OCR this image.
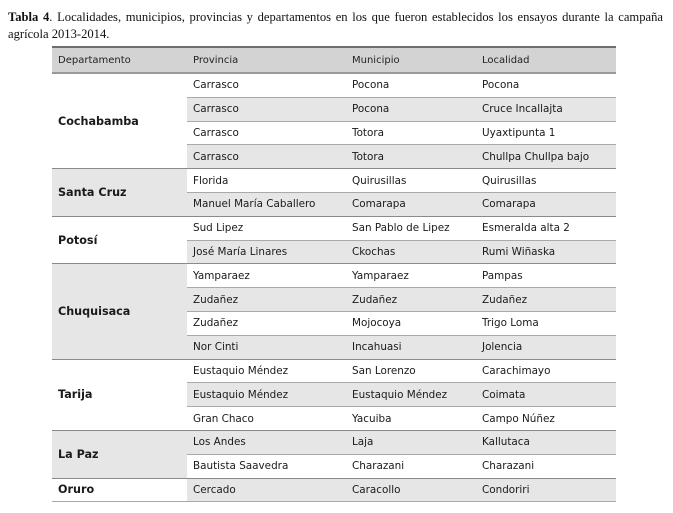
Tabla 4. Localidades, municipios, provincias y departamentos en los que fueron establecidos los ensayos durante la campaña agrícola 2013-2014.
Departamento	Provincia	Municipio	Localidad
Cochabamba	Carrasco	Pocona	Pocona
	Carrasco	Pocona	Cruce Incallajta
	Carrasco	Totora	Uyaxtipunta 1
	Carrasco	Totora	Chullpa Chullpa bajo
Santa Cruz	Florida	Quirusillas	Quirusillas
	Manuel María Caballero	Comarapa	Comarapa
Potosí	Sud Lipez	San Pablo de Lipez	Esmeralda alta 2
	José María Linares	Ckochas	Rumi Wiñaska
Chuquisaca	Yamparaez	Yamparaez	Pampas
	Zudañez	Zudañez	Zudañez
	Zudañez	Mojocoya	Trigo Loma
	Nor Cinti	Incahuasi	Jolencia
Tarija	Eustaquio Méndez	San Lorenzo	Carachimayo
	Eustaquio Méndez	Eustaquio Méndez	Coimata
	Gran Chaco	Yacuiba	Campo Núñez
La Paz	Los Andes	Laja	Kallutaca
	Bautista Saavedra	Charazani	Charazani
Oruro	Cercado	Caracollo	Condoriri
